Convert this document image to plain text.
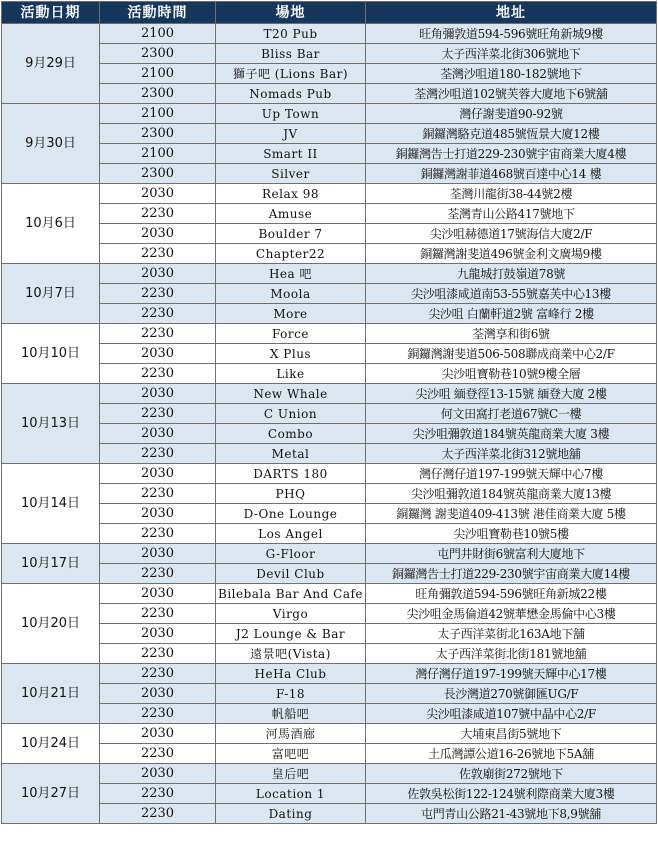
活動日期	活動時間	場地	地址
9月29日	2100	T20 Pub	旺角彌敦道594-596號旺角新城9樓
	2300	Bliss Bar	太子西洋菜北街306號地下
	2100	獅子吧 (Lions Bar)	荃灣沙咀道180-182號地下
	2300	Nomads Pub	荃灣沙咀道102號芙蓉大廈地下6號舖
9月30日	2100	Up Town	灣仔謝斐道90-92號
	2300	JV	銅鑼灣駱克道485號恆景大廈12樓
	2100	Smart II	銅鑼灣告士打道229-230號宇宙商業大廈4樓
	2300	Silver	銅鑼灣謝菲道468號百達中心14 樓
10月6日	2030	Relax 98	荃灣川龍街38-44號2樓
	2230	Amuse	荃灣青山公路417號地下
	2030	Boulder 7	尖沙咀赫德道17號海信大廈2/F
	2230	Chapter22	銅鑼灣謝斐道496號金利文廣場9樓
10月7日	2030	Hea 吧	九龍城打鼓嶺道78號
	2230	Moola	尖沙咀漆咸道南53-55號嘉芙中心13樓
	2230	More	尖沙咀 白蘭軒道2號 富峰行 2樓
10月10日	2230	Force	荃灣享和街6號
	2030	X Plus	銅鑼灣謝斐道506-508聯成商業中心2/F
	2230	Like	尖沙咀寶勒巷10號9樓全層
10月13日	2030	New Whale	尖沙咀 緬登徑13-15號 緬登大廈 2樓
	2230	C Union	何文田窩打老道67號C一樓
	2030	Combo	尖沙咀彌敦道184號英龍商業大廈 3樓
	2230	Metal	太子西洋菜北街312號地舖
10月14日	2030	DARTS 180	灣仔灣仔道197-199號天輝中心7樓
	2230	PHQ	尖沙咀彌敦道184號英龍商業大廈13樓
	2030	D-One Lounge	銅鑼灣 謝斐道409-413號 港佳商業大廈 5樓
	2230	Los Angel	尖沙咀寶勒巷10號5樓
10月17日	2030	G-Floor	屯門井財街6號富利大廈地下
	2230	Devil Club	銅鑼灣告士打道229-230號宇宙商業大廈14樓
10月20日	2030	Bilebala Bar And Cafe	旺角彌敦道594-596號旺角新城22樓
	2230	Virgo	尖沙咀金馬倫道42號華懋金馬倫中心3樓
	2030	J2 Lounge & Bar	太子西洋菜街北163A地下舖
	2230	遠景吧(Vista)	太子西洋菜街北街181號地舖
10月21日	2230	HeHa Club	灣仔灣仔道197-199號天輝中心17樓
	2030	F-18	長沙灣道270號御匯UG/F
	2230	帆船吧	尖沙咀漆咸道107號中晶中心2/F
10月24日	2030	河馬酒廊	大埔東昌街5號地下
	2230	富吧吧	土瓜灣譚公道16-26號地下5A舖
10月27日	2030	皇后吧	佐敦廟街272號地下
	2230	Location 1	佐敦吳松街122-124號利際商業大廈3樓
	2230	Dating	屯門青山公路21-43號地下8,9號舖
